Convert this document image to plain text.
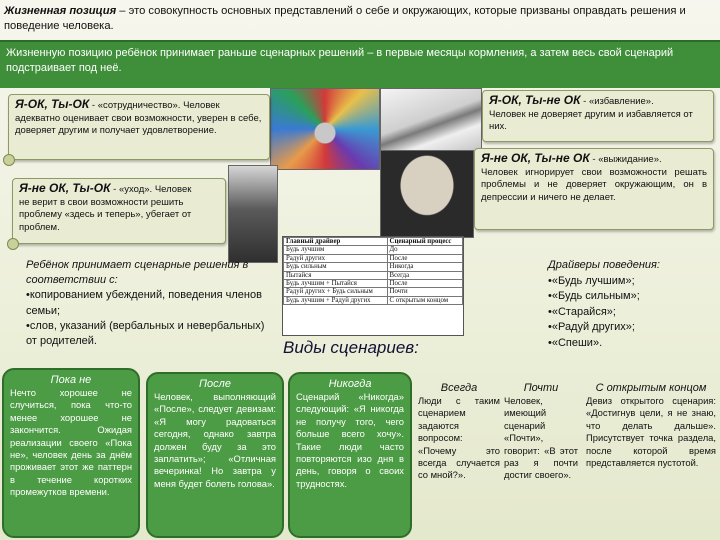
Жизненная позиция – это совокупность основных представлений о себе и окружающих, которые призваны оправдать решения и поведение человека.
Жизненную позицию ребёнок принимает раньше сценарных решений – в первые месяцы кормления, а затем весь свой сценарий подстраивает под неё.
Я-ОК, Ты-ОК - «сотрудничество». Человек
адекватно оценивает свои возможности, уверен в себе, доверяет другим и получает удовлетворение.
Я-ОК, Ты-не ОК - «избавление».
Человек не доверяет другим и избавляется от них.
Я-не ОК, Ты-не ОК - «выжидание».

Человек игнорирует свои возможности решать проблемы и не доверяет окружающим, он в депрессии и ничего не делает.
Я-не ОК, Ты-ОК - «уход». Человек
не верит в свои возможности решить проблему «здесь и теперь», убегает от проблем.
Главный драйвер	Сценарный процесс
Будь лучшим	До
Радуй других	После
Будь сильным	Никогда
Пытайся	Всегда
Будь лучшим + Пытайся	После
Радуй других + Будь сильным	Почти
Будь лучшим + Радуй других	С открытым концом
Ребёнок принимает сценарные решения в соответствии с:
•копированием убеждений, поведения членов семьи;
•слов, указаний (вербальных и невербальных) от родителей.	Виды сценариев:
Драйверы поведения:
•«Будь лучшим»;
•«Будь сильным»;
•«Старайся»;
•«Радуй других»;
•«Спеши».
Пока не
Нечто хорошее не случиться, пока что-то менее хорошее не закончится. Ожидая реализации своего «Пока не», человек день за днём проживает этот же паттерн в течение коротких промежутков времени.
После
Человек, выполняющий «После», следует девизам: «Я могу радоваться сегодня, однако завтра должен буду за это заплатить»; «Отличная вечеринка! Но завтра у меня будет болеть голова».
Никогда
Сценарий «Никогда» следующий: «Я никогда не получу того, чего больше всего хочу». Такие люди часто повторяются изо дня в день, говоря о своих трудностях.
Всегда
Люди с таким сценарием задаются вопросом: «Почему это всегда случается со мной?».
Почти
Человек, имеющий сценарий «Почти», говорит: «В этот раз я почти достиг своего».
С открытым концом
Девиз открытого сценария: «Достигнув цели, я не знаю, что делать дальше». Присутствует точка раздела, после которой время представляется пустотой.
